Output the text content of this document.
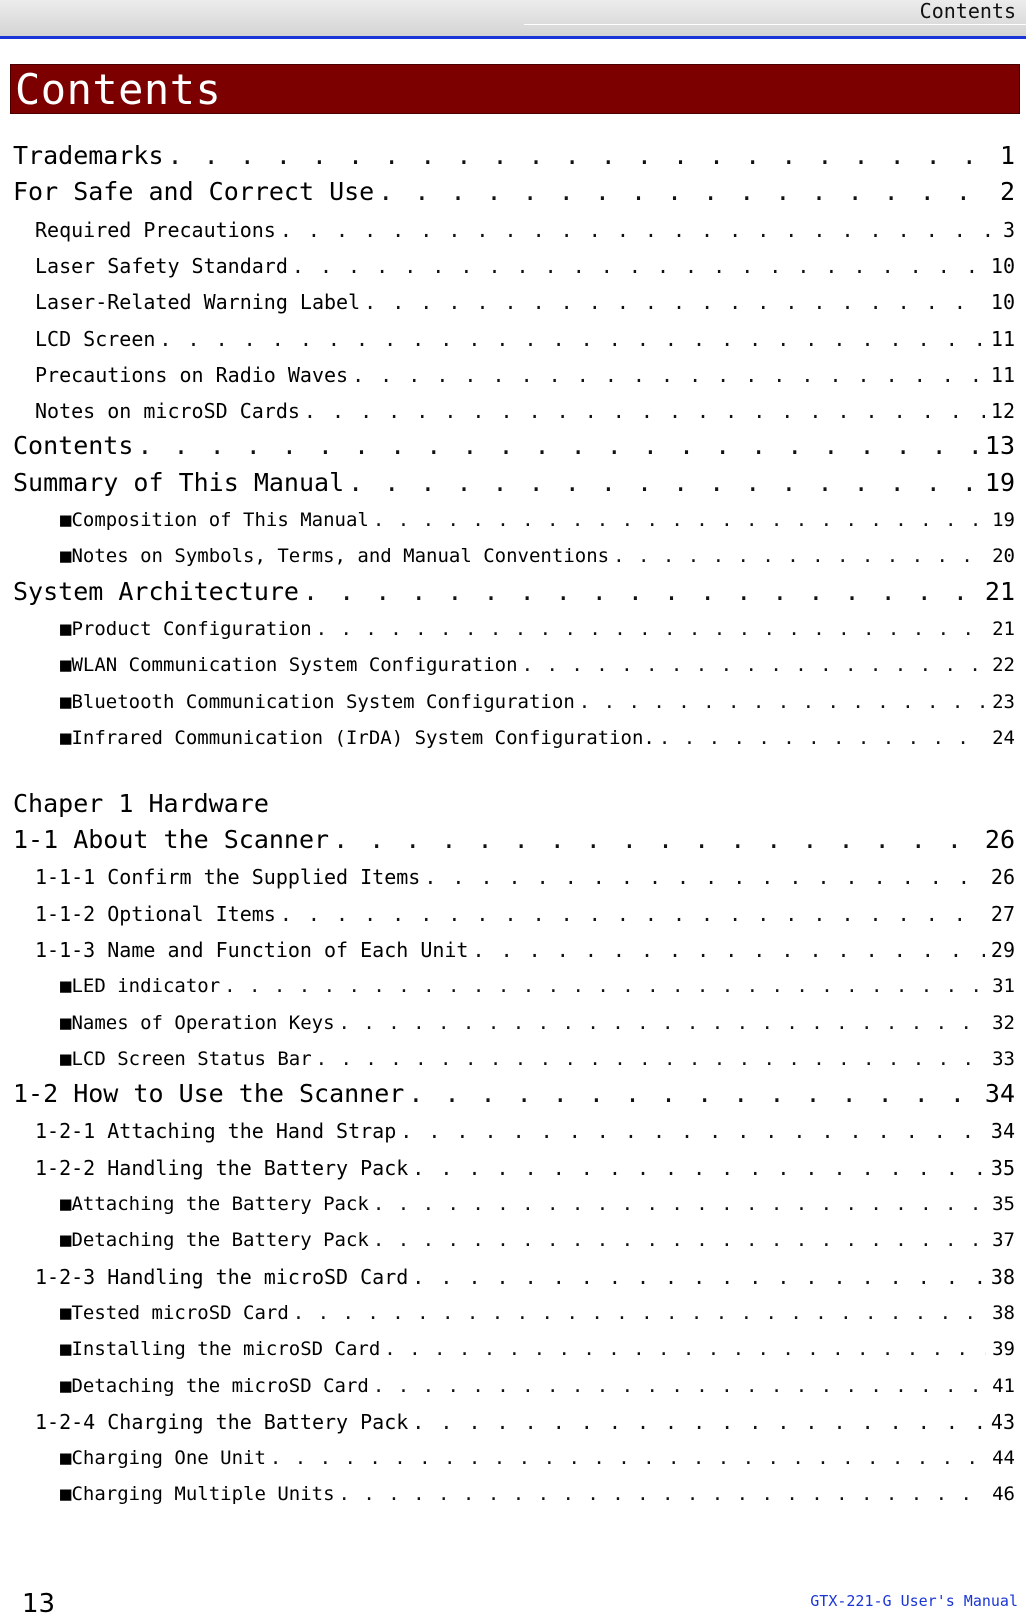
Contents
Contents
Trademarks . . .	1
For Safe and Correct Use . . .	2
Required Precautions . . .	3
Laser Safety Standard . . .	10
Laser-Related Warning Label . . .	10
LCD Screen . . .	11
Precautions on Radio Waves . . .	11
Notes on microSD Cards . . .	12
Contents . . .	13
Summary of This Manual . . .	19
■Composition of This Manual . . .	19
■Notes on Symbols, Terms, and Manual Conventions . . .	20
System Architecture . . .	21
■Product Configuration . . .	21
■WLAN Communication System Configuration . . .	22
■Bluetooth Communication System Configuration . . .	23
■Infrared Communication (IrDA) System Configuration. . . .	24
Chaper 1 Hardware
1-1 About the Scanner . . .	26
1-1-1 Confirm the Supplied Items . . .	26
1-1-2 Optional Items . . .	27
1-1-3 Name and Function of Each Unit . . .	29
■LED indicator . . .	31
■Names of Operation Keys . . .	32
■LCD Screen Status Bar . . .	33
1-2 How to Use the Scanner . . .	34
1-2-1 Attaching the Hand Strap . . .	34
1-2-2 Handling the Battery Pack . . .	35
■Attaching the Battery Pack . . .	35
■Detaching the Battery Pack . . .	37
1-2-3 Handling the microSD Card . . .	38
■Tested microSD Card . . .	38
■Installing the microSD Card . . .	39
■Detaching the microSD Card . . .	41
1-2-4 Charging the Battery Pack . . .	43
■Charging One Unit . . .	44
■Charging Multiple Units . . .	46
13	GTX-221-G User's Manual
